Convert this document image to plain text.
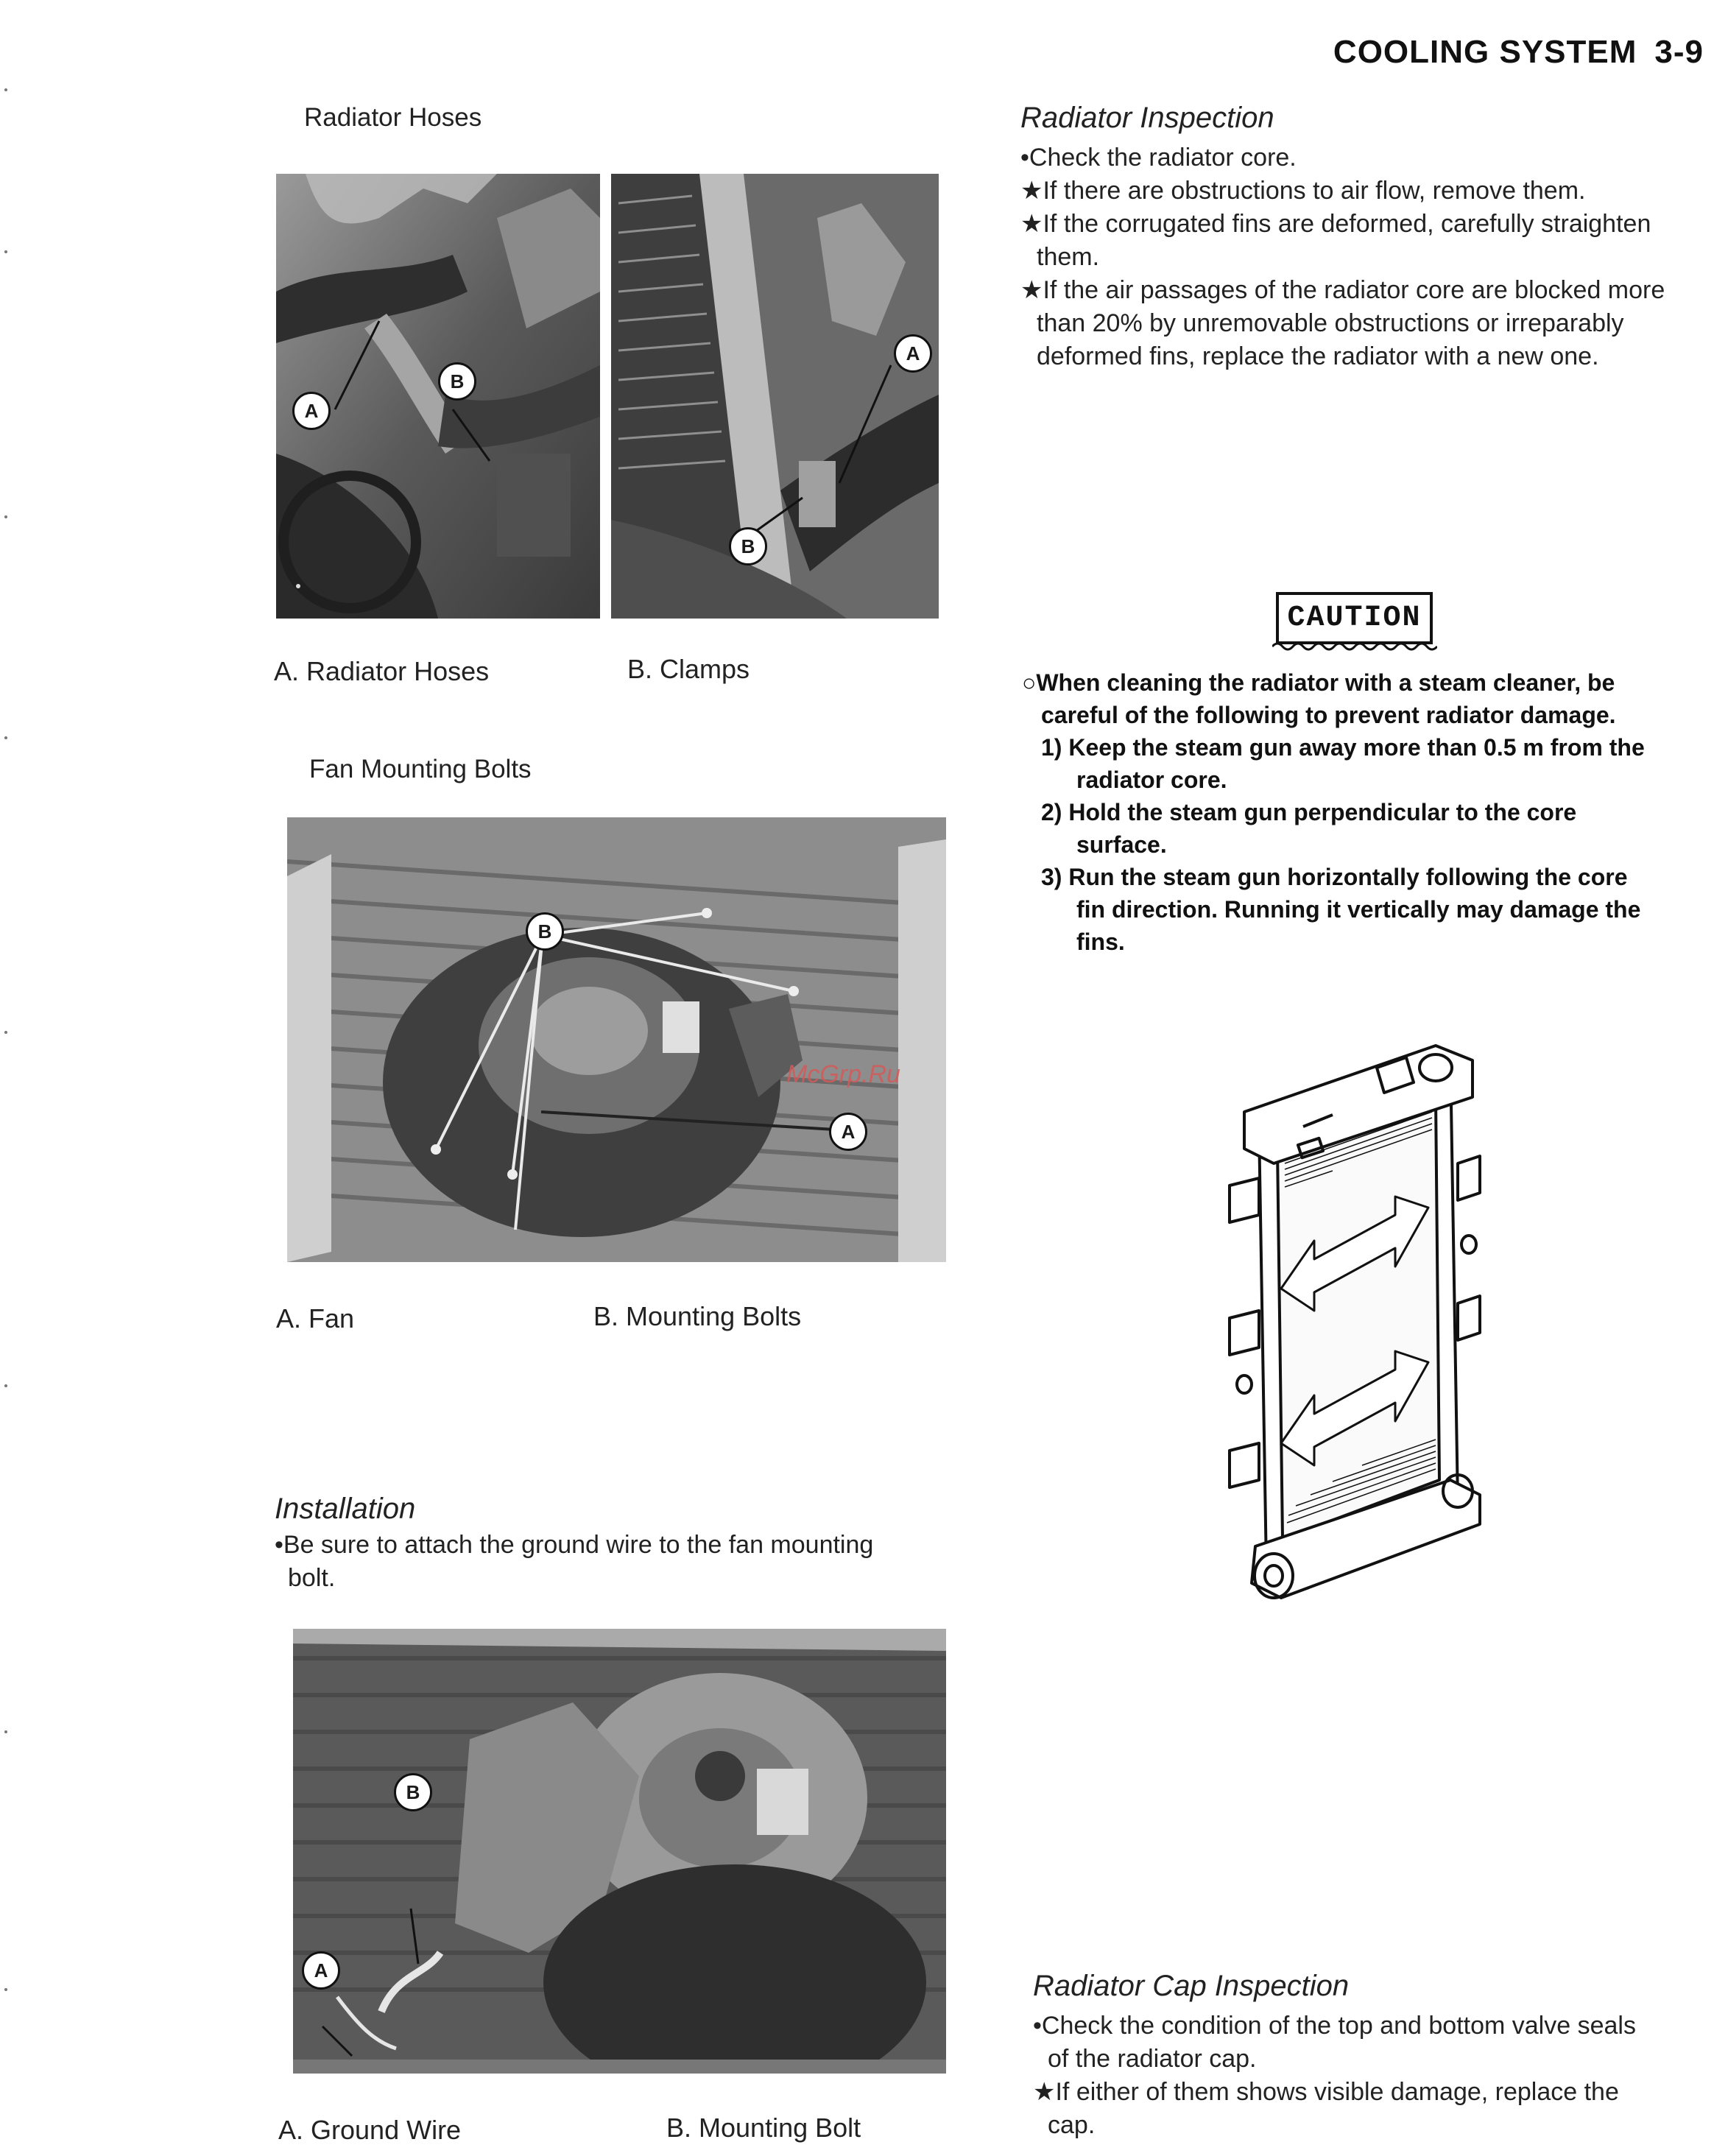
COOLING SYSTEM 3-9
Radiator Hoses
A
B
A
B
A. Radiator Hoses	B. Clamps
Fan Mounting Bolts
B
A
McGrp.Ru
A. Fan	B. Mounting Bolts
Installation
•Be sure to attach the ground wire to the fan mounting
bolt.
B
A
A. Ground Wire	B. Mounting Bolt
Radiator Inspection
•Check the radiator core.
★If there are obstructions to air flow, remove them.
★If the corrugated fins are deformed, carefully straighten
them.
★If the air passages of the radiator core are blocked more
than 20% by unremovable obstructions or irreparably
deformed fins, replace the radiator with a new one.
CAUTION
○When cleaning the radiator with a steam cleaner, be
careful of the following to prevent radiator damage.
1) Keep the steam gun away more than 0.5 m from the
radiator core.
2) Hold the steam gun perpendicular to the core
surface.
3) Run the steam gun horizontally following the core
fin direction. Running it vertically may damage the
fins.
Radiator Cap Inspection
•Check the condition of the top and bottom valve seals
of the radiator cap.
★If either of them shows visible damage, replace the
cap.
